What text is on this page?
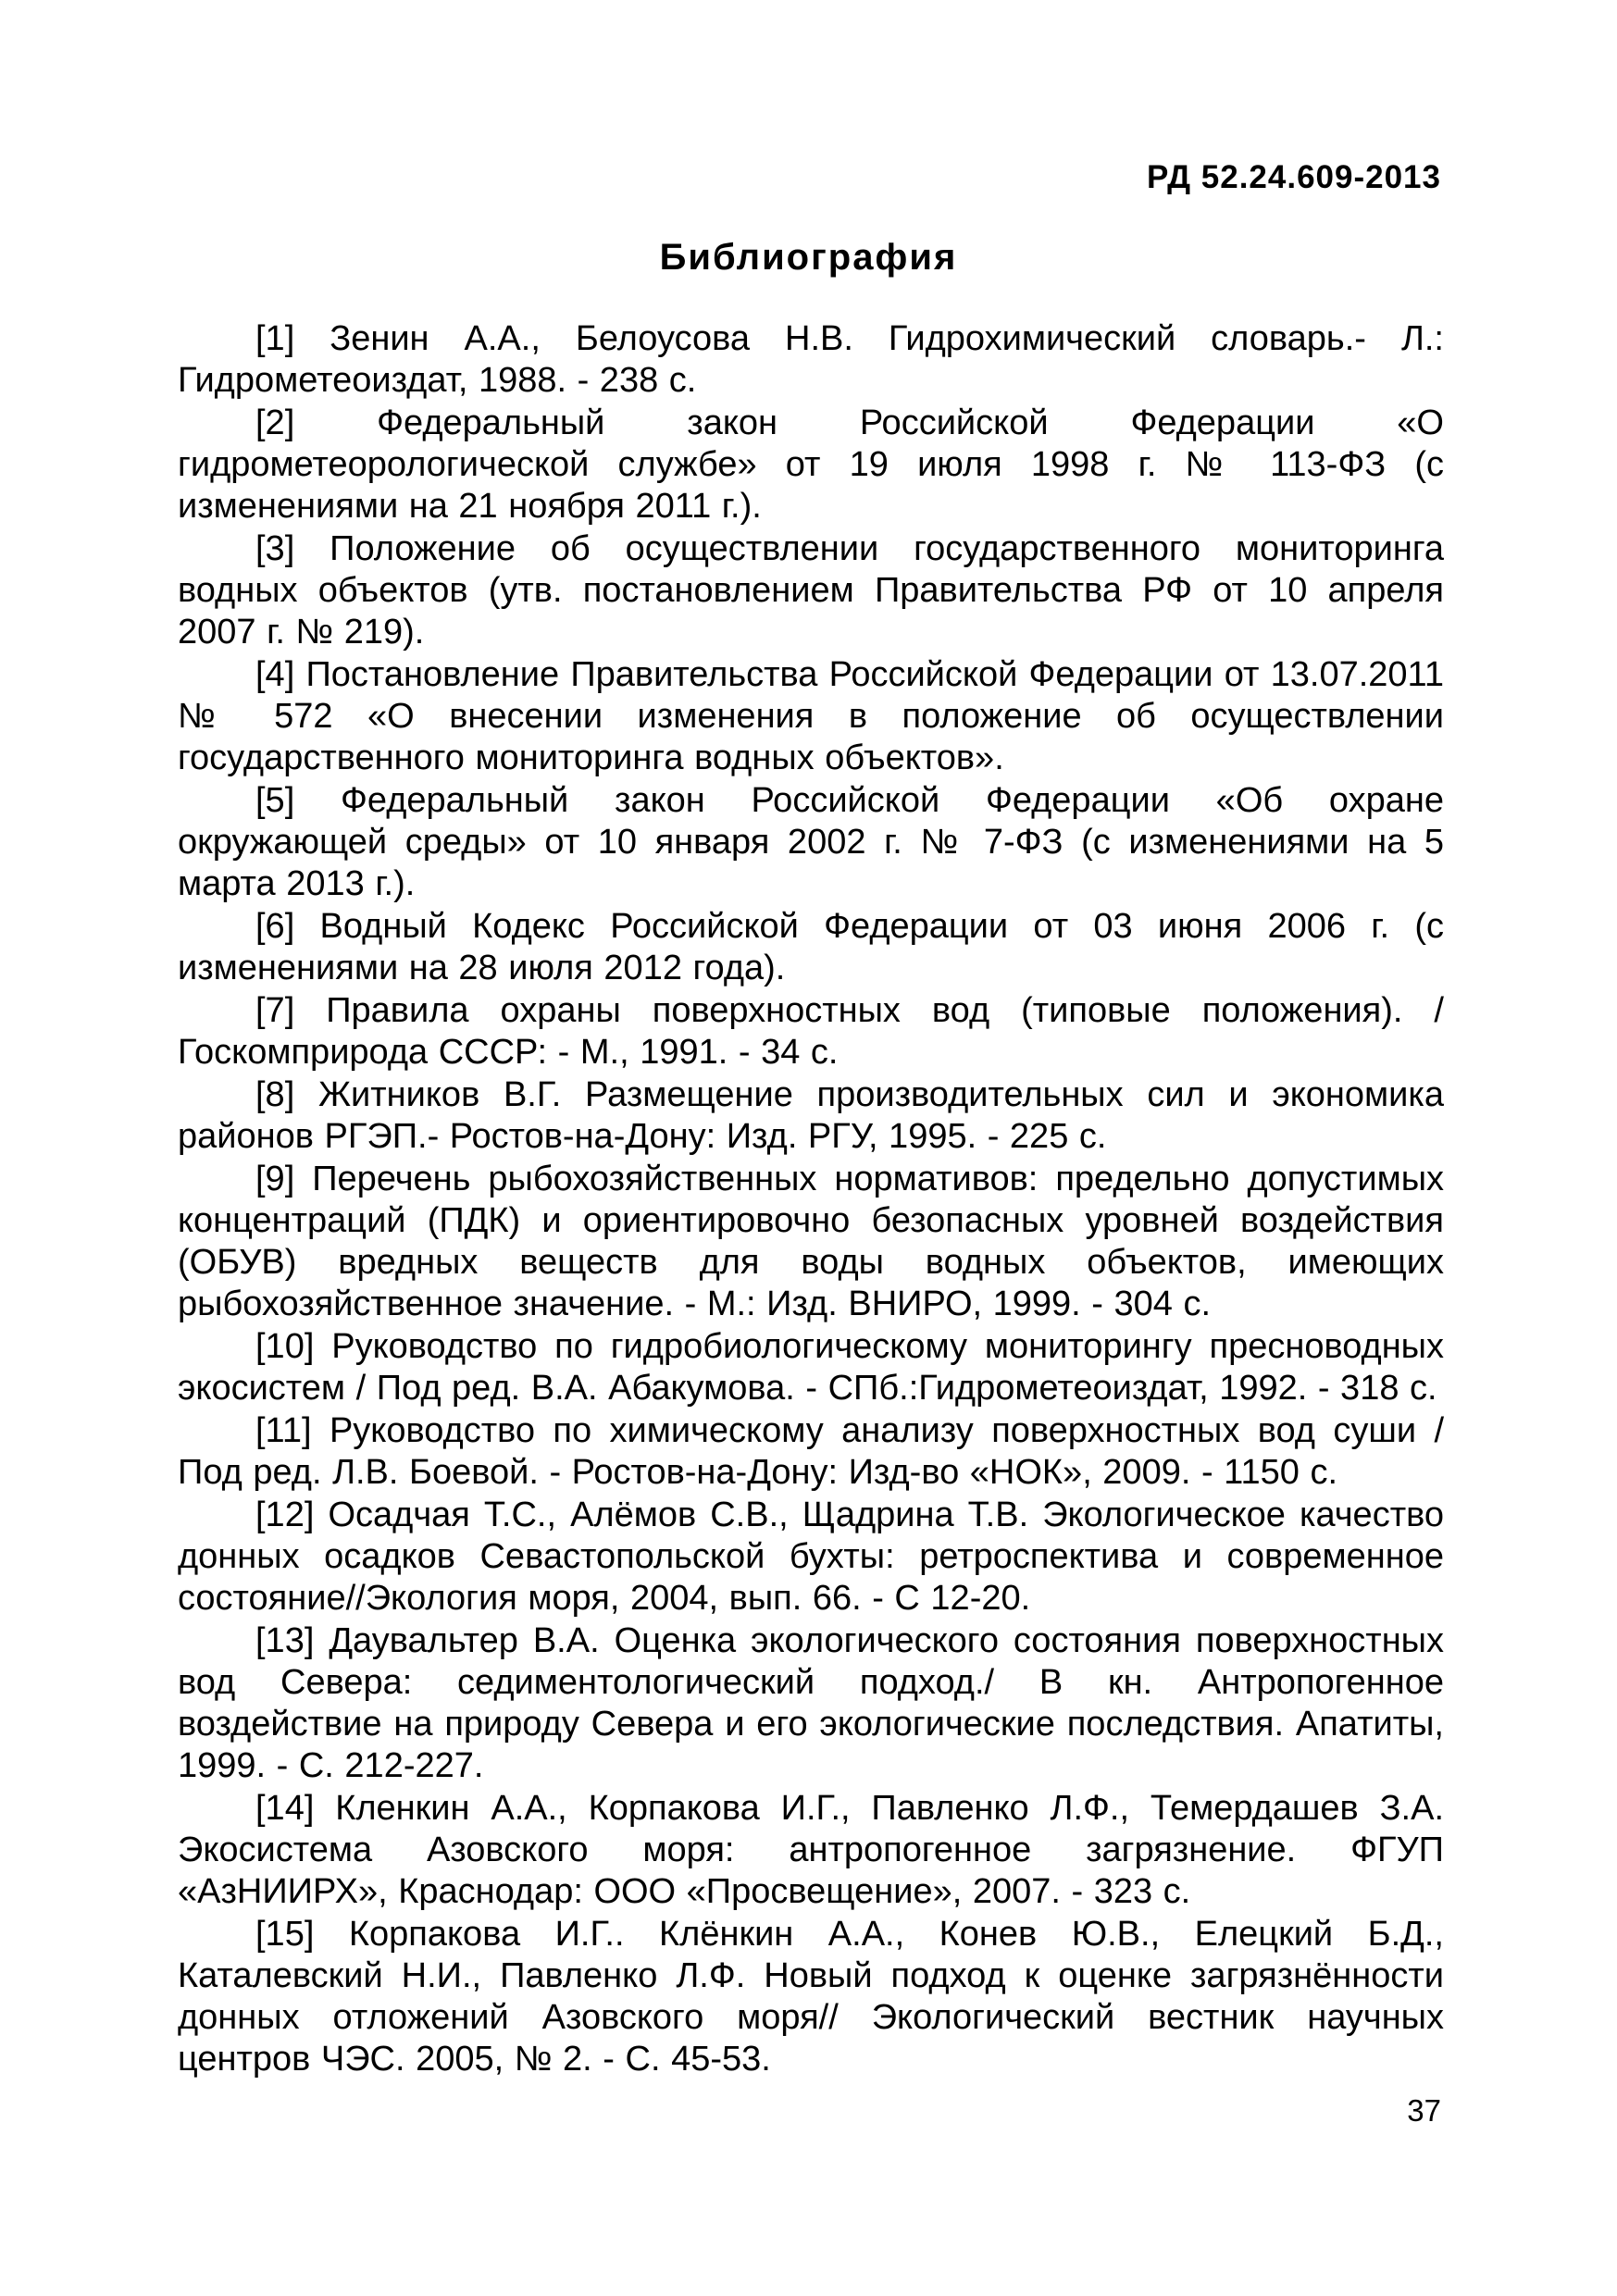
РД 52.24.609-2013
Библиография
[1] Зенин А.А., Белоусова Н.В. Гидрохимический словарь.- Л.: Гидрометеоиздат, 1988. - 238 с.
[2] Федеральный закон Российской Федерации «О гидрометеорологической службе» от 19 июля 1998 г. № 113-ФЗ (с изменениями на 21 ноября 2011 г.).
[3] Положение об осуществлении государственного мониторинга водных объектов (утв. постановлением Правительства РФ от 10 апреля 2007 г. № 219).
[4] Постановление Правительства Российской Федерации от 13.07.2011 № 572 «О внесении изменения в положение об осуществлении государственного мониторинга водных объектов».
[5] Федеральный закон Российской Федерации «Об охране окружающей среды» от 10 января 2002 г. № 7-ФЗ (с изменениями на 5 марта 2013 г.).
[6] Водный Кодекс Российской Федерации от 03 июня 2006 г. (с изменениями на 28 июля 2012 года).
[7] Правила охраны поверхностных вод (типовые положения). / Госкомприрода СССР: - М., 1991. - 34 с.
[8] Житников В.Г. Размещение производительных сил и экономика районов РГЭП.- Ростов-на-Дону: Изд. РГУ, 1995. - 225 с.
[9] Перечень рыбохозяйственных нормативов: предельно допустимых концентраций (ПДК) и ориентировочно безопасных уровней воздействия (ОБУВ) вредных веществ для воды водных объектов, имеющих рыбохозяйственное значение. - М.: Изд. ВНИРО, 1999. - 304 с.
[10] Руководство по гидробиологическому мониторингу пресноводных экосистем / Под ред. В.А. Абакумова. - СПб.:Гидрометеоиздат, 1992. - 318 с.
[11] Руководство по химическому анализу поверхностных вод суши / Под ред. Л.В. Боевой. - Ростов-на-Дону: Изд-во «НОК», 2009. - 1150 с.
[12] Осадчая Т.С., Алёмов С.В., Щадрина Т.В. Экологическое качество донных осадков Севастопольской бухты: ретроспектива и современное состояние//Экология моря, 2004, вып. 66. - С 12-20.
[13] Даувальтер В.А. Оценка экологического состояния поверхностных вод Севера: седиментологический подход./ В кн. Антропогенное воздействие на природу Севера и его экологические последствия. Апатиты, 1999. - С. 212-227.
[14] Кленкин А.А., Корпакова И.Г., Павленко Л.Ф., Темердашев З.А. Экосистема Азовского моря: антропогенное загрязнение. ФГУП «АзНИИРХ», Краснодар: ООО «Просвещение», 2007. - 323 с.
[15] Корпакова И.Г.. Клёнкин А.А., Конев Ю.В., Елецкий Б.Д., Каталевский Н.И., Павленко Л.Ф. Новый подход к оценке загрязнённости донных отложений Азовского моря// Экологический вестник научных центров ЧЭС. 2005, № 2. - С. 45-53.
37
